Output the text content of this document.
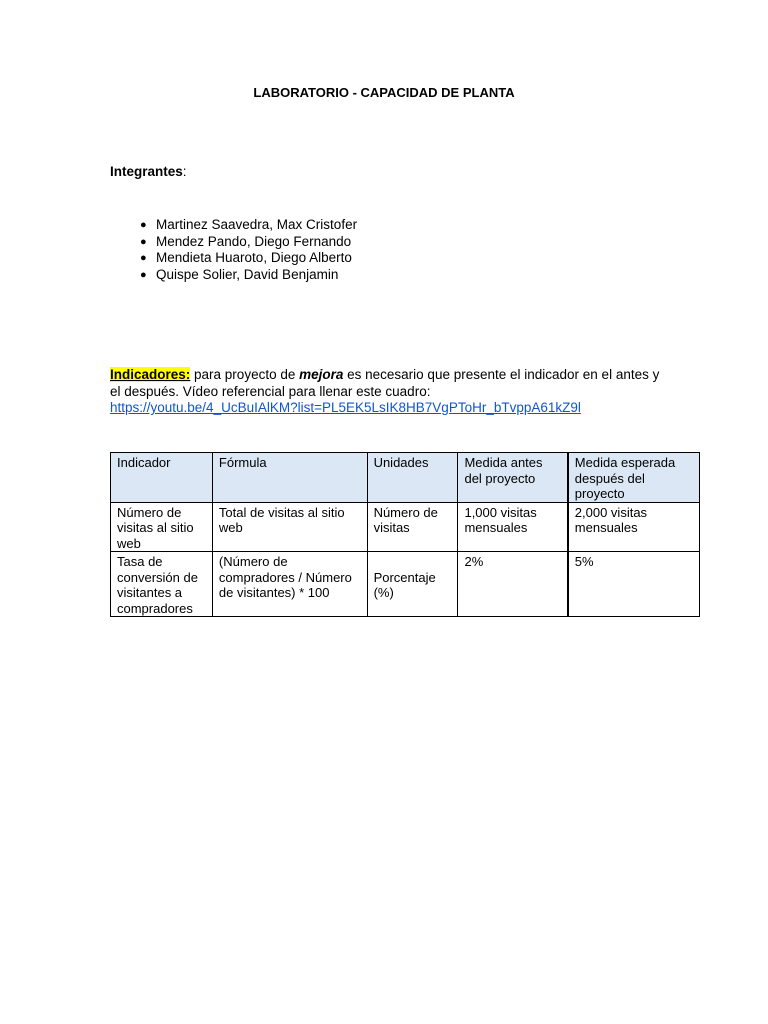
LABORATORIO - CAPACIDAD DE PLANTA
Integrantes:
● Martinez Saavedra, Max Cristofer
● Mendez Pando, Diego Fernando
● Mendieta Huaroto, Diego Alberto
● Quispe Solier, David Benjamin
Indicadores: para proyecto de mejora es necesario que presente el indicador en el antes y el después. Vídeo referencial para llenar este cuadro:
https://youtu.be/4_UcBuIAlKM?list=PL5EK5LsIK8HB7VgPToHr_bTvppA61kZ9l
Indicador	Fórmula	Unidades	Medida antes del proyecto	Medida esperada después del proyecto
Número de visitas al sitio web	Total de visitas al sitio web	Número de visitas	1,000 visitas mensuales	2,000 visitas mensuales
Tasa de conversión de visitantes a compradores	(Número de compradores / Número de visitantes) * 100	Porcentaje (%)	2%	5%
